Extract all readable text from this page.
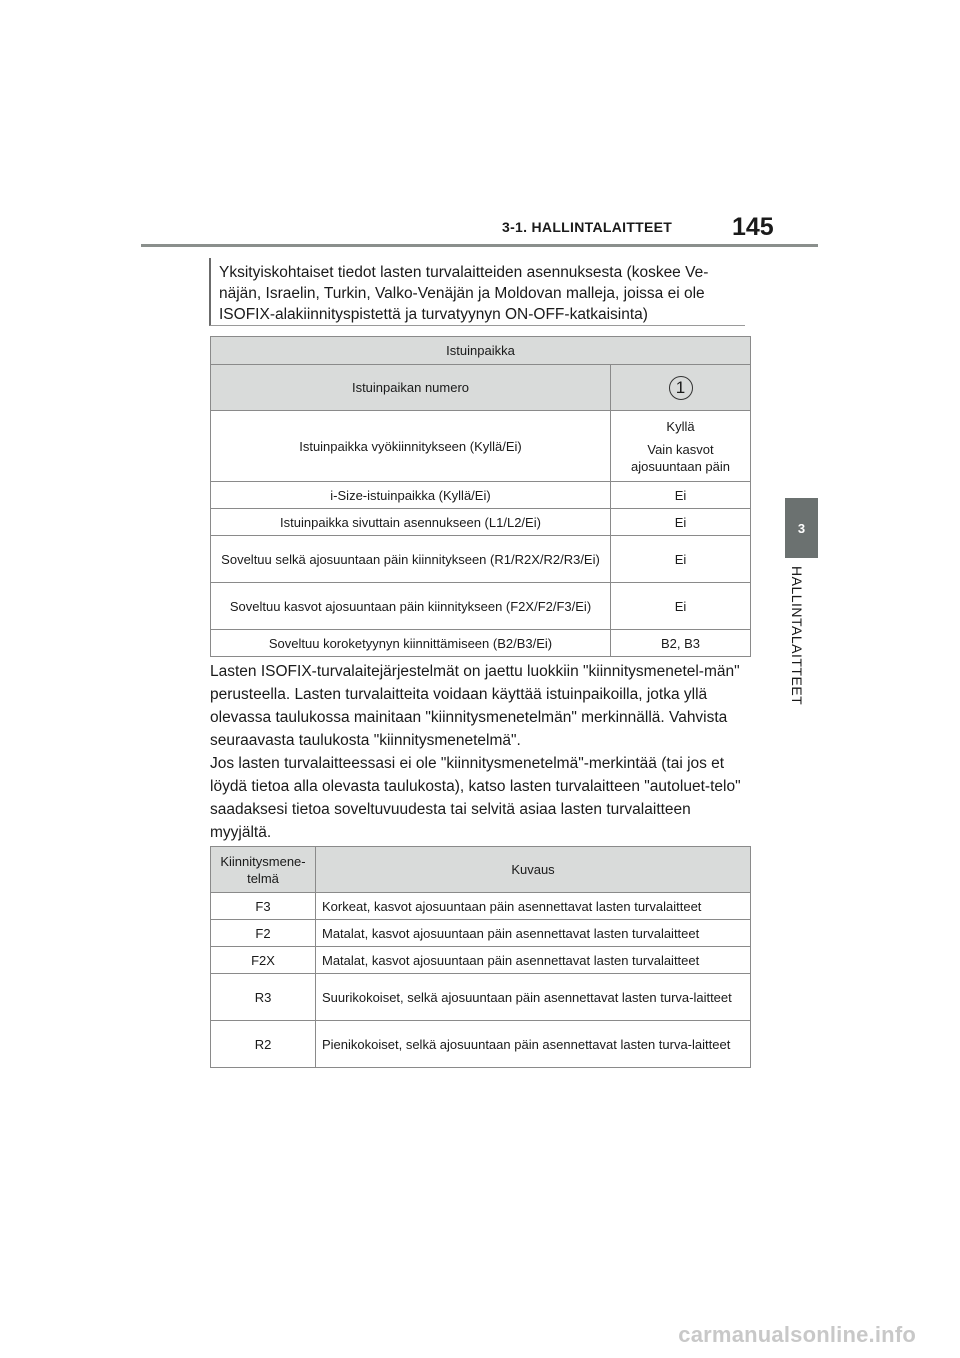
3-1. HALLINTALAITTEET 145
3
HALLINTALAITTEET
Yksityiskohtaiset tiedot lasten turvalaitteiden asennuksesta (koskee Ve-näjän, Israelin, Turkin, Valko-Venäjän ja Moldovan malleja, joissa ei ole ISOFIX-alakiinnityspistettä ja turvatyynyn ON-OFF-katkaisinta)
Istuinpaikka	
Istuinpaikan numero	1
Istuinpaikka vyökiinnitykseen (Kyllä/Ei)	Kyllä
Vain kasvot ajosuuntaan päin

i-Size-istuinpaikka (Kyllä/Ei)	Ei
Istuinpaikka sivuttain asennukseen (L1/L2/Ei)	Ei
Soveltuu selkä ajosuuntaan päin kiinnitykseen (R1/R2X/R2/R3/Ei)	Ei
Soveltuu kasvot ajosuuntaan päin kiinnitykseen (F2X/F2/F3/Ei)	Ei
Soveltuu koroketyynyn kiinnittämiseen (B2/B3/Ei)	B2, B3

Lasten ISOFIX-turvalaitejärjestelmät on jaettu luokkiin "kiinnitysmenetel-män" perusteella. Lasten turvalaitteita voidaan käyttää istuinpaikoilla, jotka yllä olevassa taulukossa mainitaan "kiinnitysmenetelmän" merkinnällä. Vahvista seuraavasta taulukosta "kiinnitysmenetelmä".

Jos lasten turvalaitteessasi ei ole "kiinnitysmenetelmä"-merkintää (tai jos et löydä tietoa alla olevasta taulukosta), katso lasten turvalaitteen "autoluet-telo" saadaksesi tietoa soveltuvuudesta tai selvitä asiaa lasten turvalaitteen myyjältä.

Kiinnitysmene-telmä	Kuvaus
F3	Korkeat, kasvot ajosuuntaan päin asennettavat lasten turvalaitteet
F2	Matalat, kasvot ajosuuntaan päin asennettavat lasten turvalaitteet
F2X	Matalat, kasvot ajosuuntaan päin asennettavat lasten turvalaitteet
R3	Suurikokoiset, selkä ajosuuntaan päin asennettavat lasten turva-laitteet
R2	Pienikokoiset, selkä ajosuuntaan päin asennettavat lasten turva-laitteet
carmanualsonline.info
